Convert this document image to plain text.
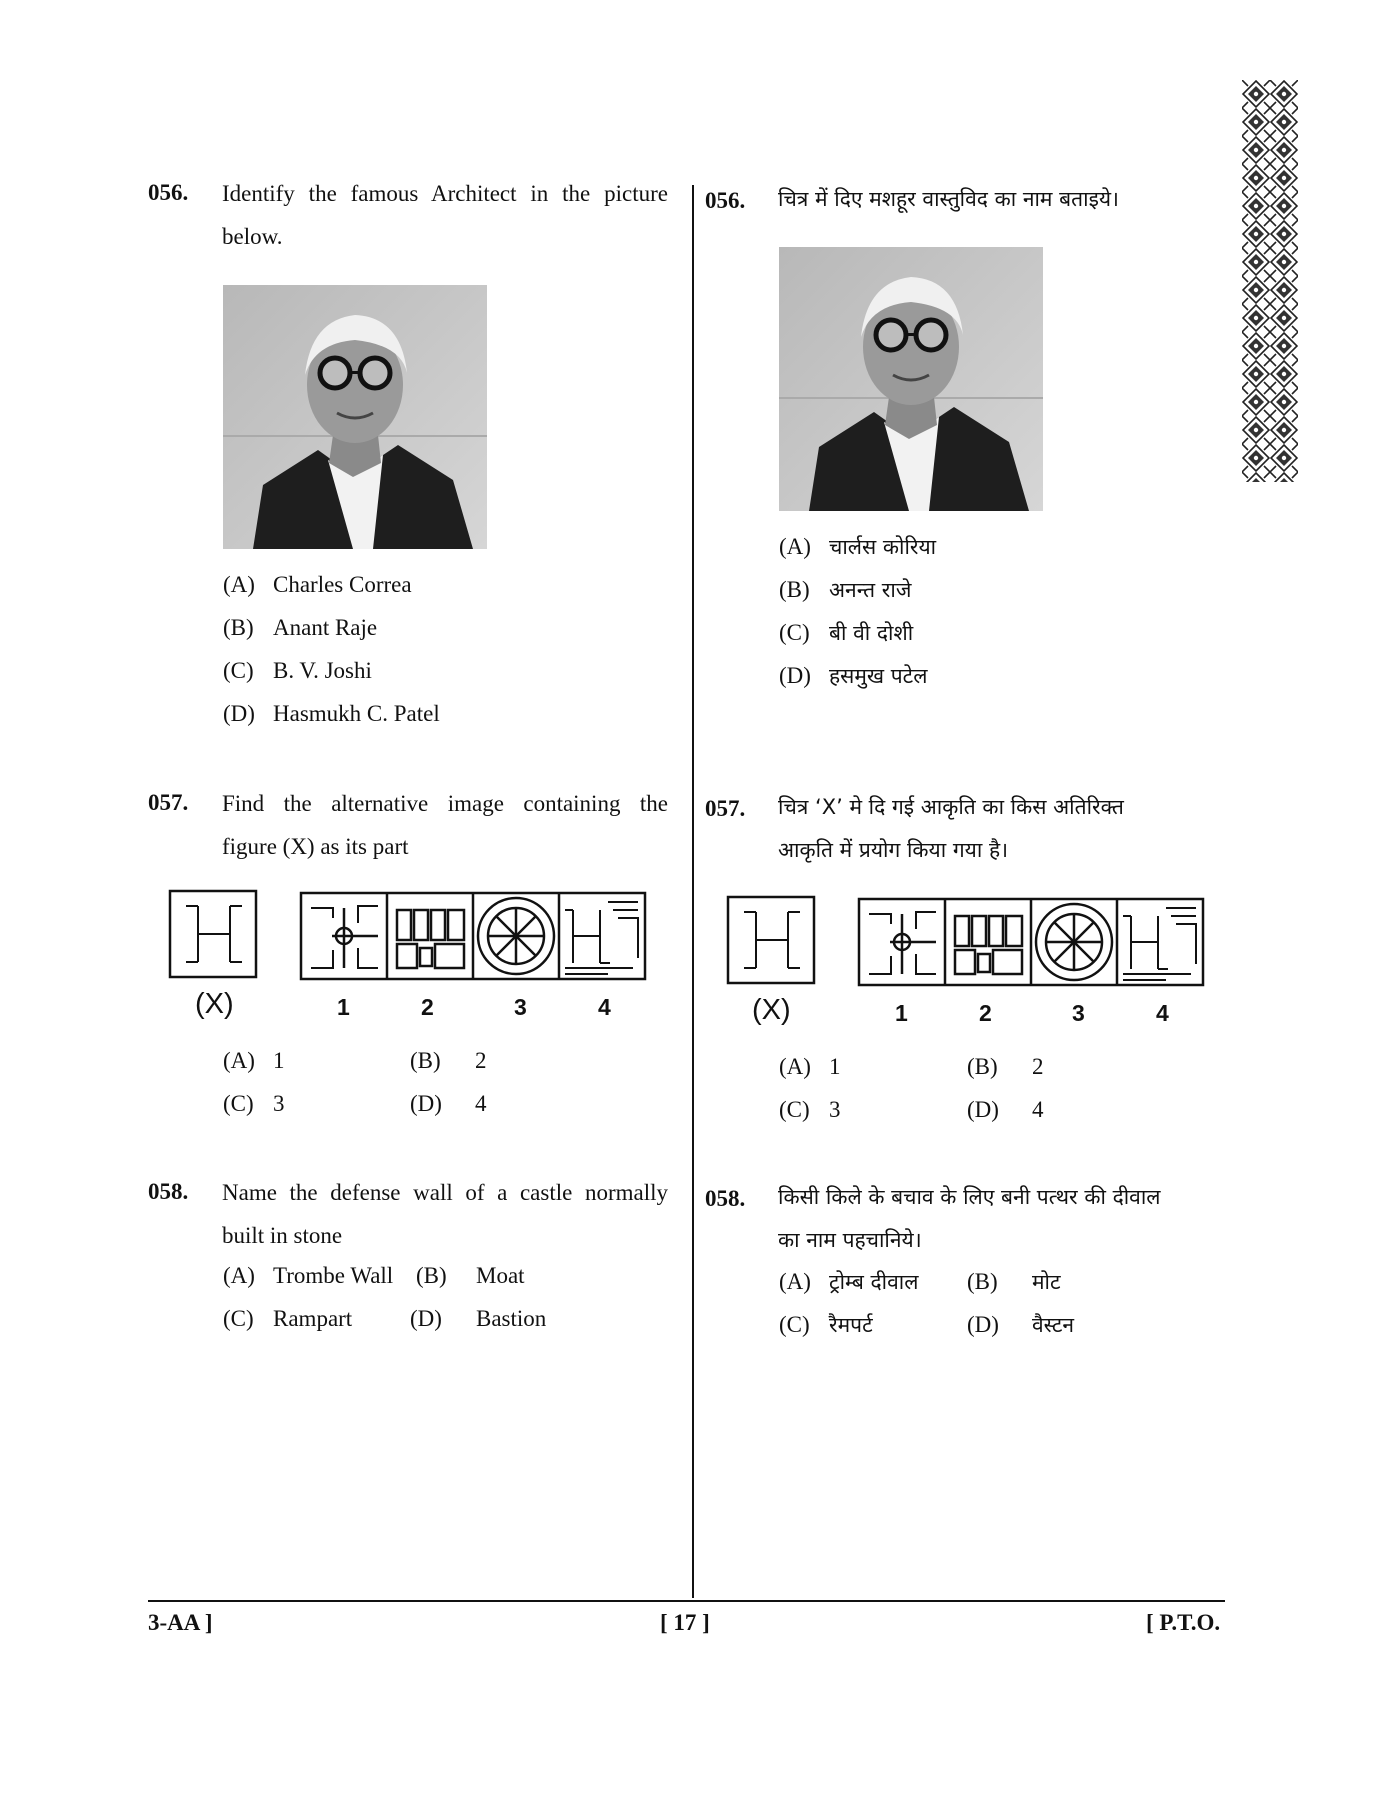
056. Identify the famous Architect in the picture
below.
(A) Charles Correa
(B) Anant Raje
(C) B. V. Joshi
(D) Hasmukh C. Patel
057. Find the alternative image containing the
figure (X) as its part
(X)	1	2	3	4
(A) 1	(B) 2
(C) 3	(D) 4
058. Name the defense wall of a castle normally
built in stone
(A) Trombe Wall (B) Moat
(C) Rampart	(D) Bastion
056. चित्र में दिए मशहूर वास्तुविद का नाम बताइये।
(A) चार्लस कोरिया
(B) अनन्त राजे
(C) बी वी दोशी
(D) हसमुख पटेल
057. चित्र ‘X’ मे दि गई आकृति का किस अतिरिक्त
आकृति में प्रयोग किया गया है।
(X)	1	2	3	4
(A) 1	(B) 2
(C) 3	(D) 4
058. किसी किले के बचाव के लिए बनी पत्थर की दीवाल
का नाम पहचानिये।
(A) ट्रोम्ब दीवाल (B) मोट
(C) रैमपर्ट	(D) वैस्टन
3-AA ]	[ 17 ]	[ P.T.O.
